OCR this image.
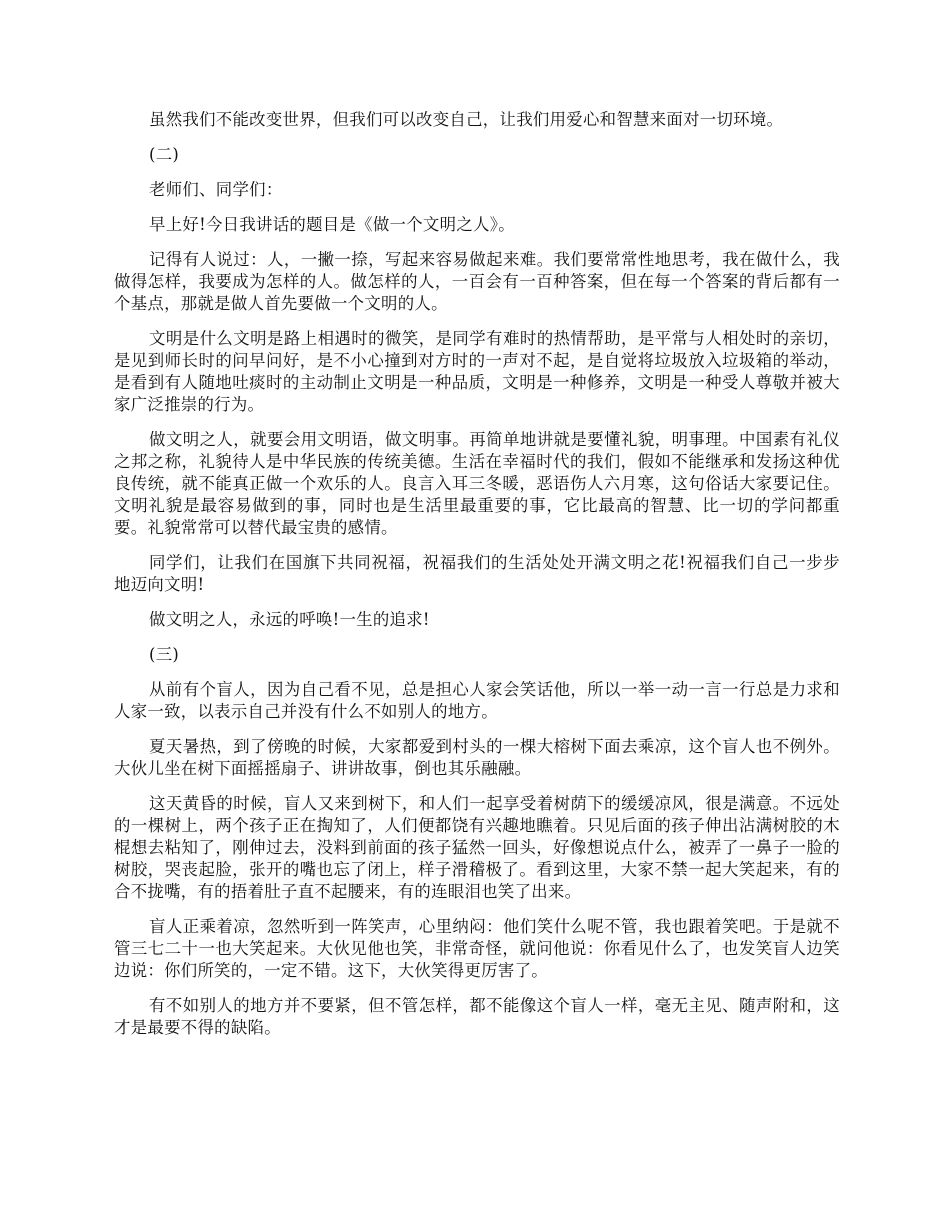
虽然我们不能改变世界，但我们可以改变自己，让我们用爱心和智慧来面对一切环境。

(二)

老师们、同学们：

早上好!今日我讲话的题目是《做一个文明之人》。

记得有人说过：人，一撇一捺，写起来容易做起来难。我们要常常性地思考，我在做什么，我做得怎样，我要成为怎样的人。做怎样的人，一百会有一百种答案，但在每一个答案的背后都有一个基点，那就是做人首先要做一个文明的人。

文明是什么文明是路上相遇时的微笑，是同学有难时的热情帮助，是平常与人相处时的亲切，是见到师长时的问早问好，是不小心撞到对方时的一声对不起，是自觉将垃圾放入垃圾箱的举动，是看到有人随地吐痰时的主动制止文明是一种品质，文明是一种修养，文明是一种受人尊敬并被大家广泛推崇的行为。

做文明之人，就要会用文明语，做文明事。再简单地讲就是要懂礼貌，明事理。中国素有礼仪之邦之称，礼貌待人是中华民族的传统美德。生活在幸福时代的我们，假如不能继承和发扬这种优良传统，就不能真正做一个欢乐的人。良言入耳三冬暖，恶语伤人六月寒，这句俗话大家要记住。文明礼貌是最容易做到的事，同时也是生活里最重要的事，它比最高的智慧、比一切的学问都重要。礼貌常常可以替代最宝贵的感情。

同学们，让我们在国旗下共同祝福，祝福我们的生活处处开满文明之花!祝福我们自己一步步地迈向文明!

做文明之人，永远的呼唤!一生的追求!

(三)

从前有个盲人，因为自己看不见，总是担心人家会笑话他，所以一举一动一言一行总是力求和人家一致，以表示自己并没有什么不如别人的地方。

夏天暑热，到了傍晚的时候，大家都爱到村头的一棵大榕树下面去乘凉，这个盲人也不例外。大伙儿坐在树下面摇摇扇子、讲讲故事，倒也其乐融融。

这天黄昏的时候，盲人又来到树下，和人们一起享受着树荫下的缓缓凉风，很是满意。不远处的一棵树上，两个孩子正在掏知了，人们便都饶有兴趣地瞧着。只见后面的孩子伸出沾满树胶的木棍想去粘知了，刚伸过去，没料到前面的孩子猛然一回头，好像想说点什么，被弄了一鼻子一脸的树胶，哭丧起脸，张开的嘴也忘了闭上，样子滑稽极了。看到这里，大家不禁一起大笑起来，有的合不拢嘴，有的捂着肚子直不起腰来，有的连眼泪也笑了出来。

盲人正乘着凉，忽然听到一阵笑声，心里纳闷：他们笑什么呢不管，我也跟着笑吧。于是就不管三七二十一也大笑起来。大伙见他也笑，非常奇怪，就问他说：你看见什么了，也发笑盲人边笑边说：你们所笑的，一定不错。这下，大伙笑得更厉害了。

有不如别人的地方并不要紧，但不管怎样，都不能像这个盲人一样，毫无主见、随声附和，这才是最要不得的缺陷。
